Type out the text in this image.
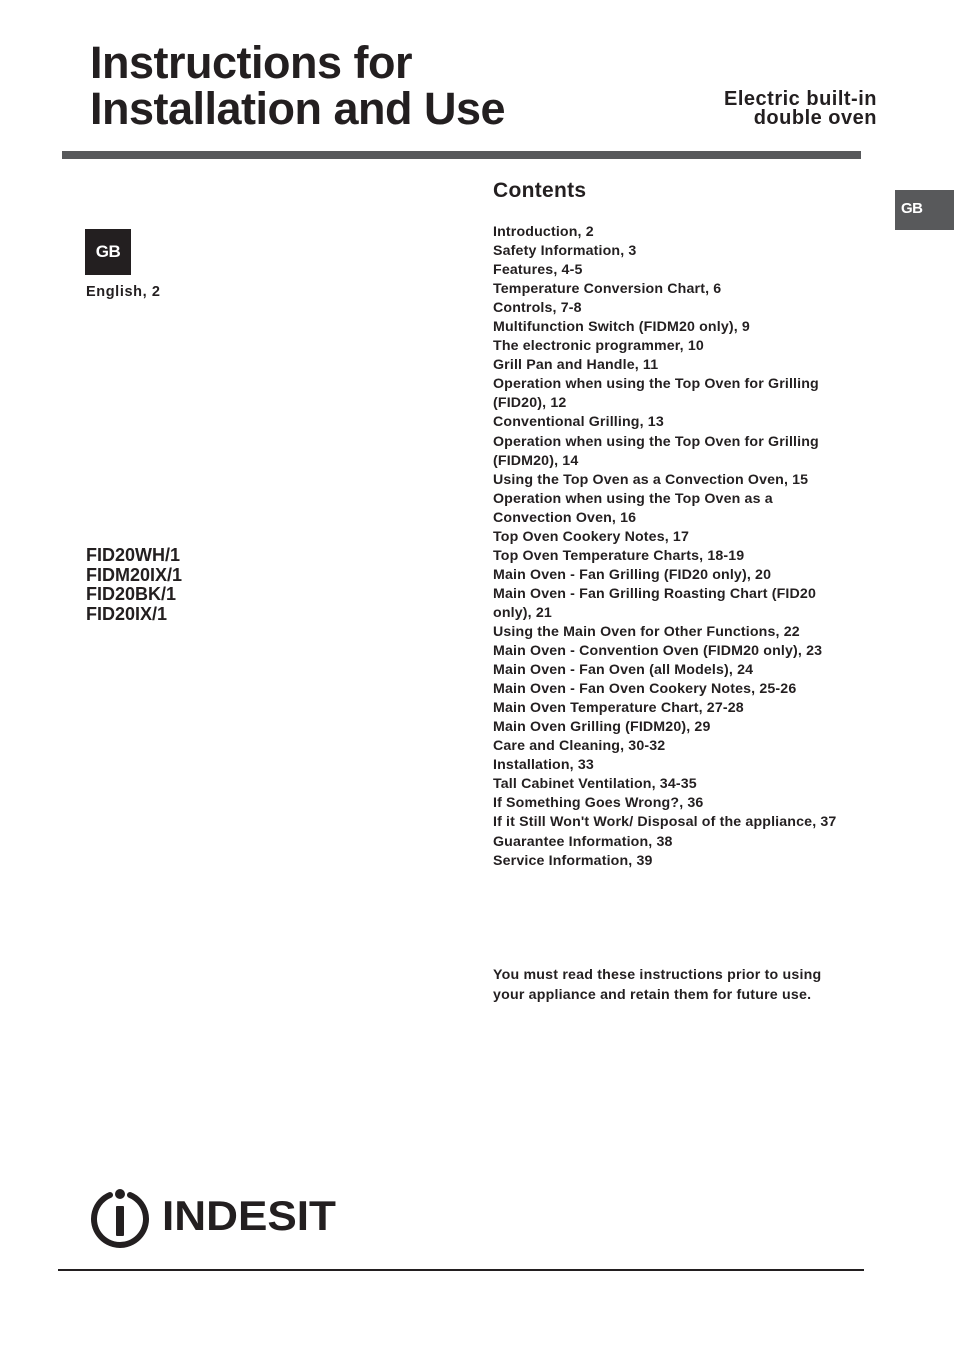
Instructions for
Installation and Use	Electric built-in
double oven
GB
GB
English, 2
FID20WH/1
FIDM20IX/1
FID20BK/1
FID20IX/1
Contents
Introduction, 2
Safety Information, 3
Features, 4-5
Temperature Conversion Chart, 6
Controls, 7-8
Multifunction Switch (FIDM20 only), 9
The electronic programmer, 10
Grill Pan and Handle, 11
Operation when using the Top Oven for Grilling (FID20), 12
Conventional Grilling, 13
Operation when using the Top Oven for Grilling (FIDM20), 14
Using the Top Oven as a Convection Oven, 15
Operation when using the Top Oven as a Convection Oven, 16
Top Oven Cookery Notes, 17
Top Oven Temperature Charts, 18-19
Main Oven - Fan Grilling (FID20 only), 20
Main Oven - Fan Grilling Roasting Chart (FID20 only), 21
Using the Main Oven for Other Functions, 22
Main Oven - Convention Oven (FIDM20 only), 23
Main Oven - Fan Oven (all Models), 24
Main Oven - Fan Oven Cookery Notes, 25-26
Main Oven Temperature Chart, 27-28
Main Oven Grilling (FIDM20), 29
Care and Cleaning, 30-32
Installation, 33
Tall Cabinet Ventilation, 34-35
If Something Goes Wrong?, 36
If it Still Won't Work/ Disposal of the appliance, 37
Guarantee Information, 38
Service Information, 39

You must read these instructions prior to using your appliance and retain them for future use.

INDESIT
